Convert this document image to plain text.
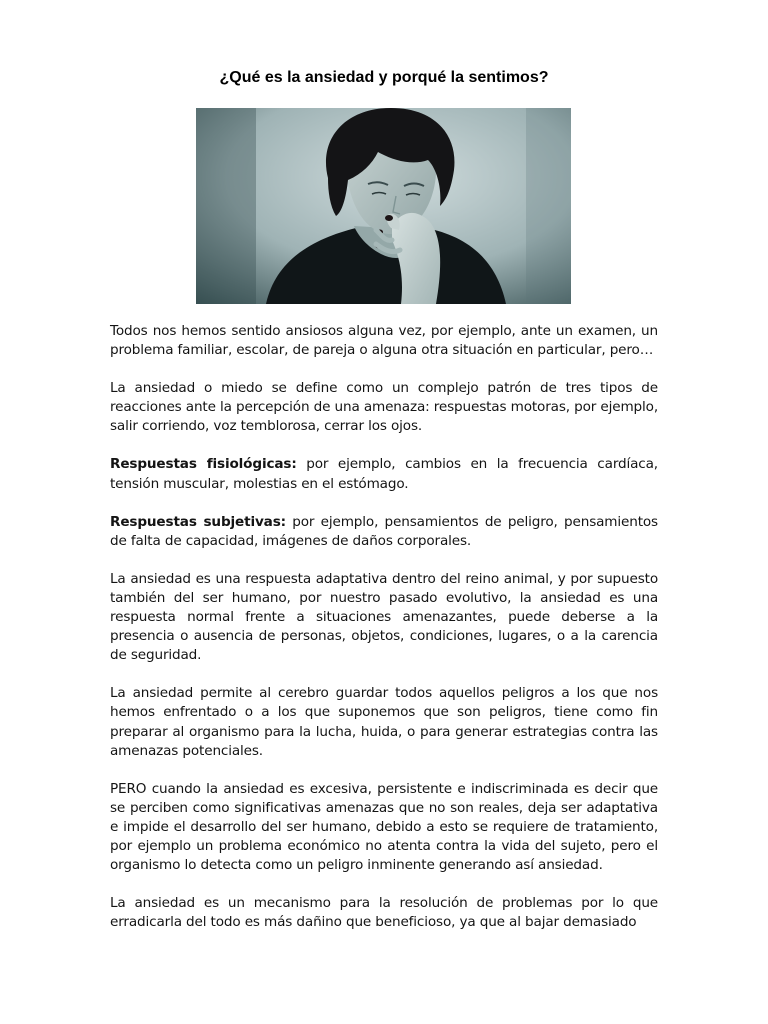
¿Qué es la ansiedad y porqué la sentimos?

Todos nos hemos sentido ansiosos alguna vez, por ejemplo, ante un examen, un problema familiar, escolar, de pareja o alguna otra situación en particular, pero…

La ansiedad o miedo se define como un complejo patrón de tres tipos de reacciones ante la percepción de una amenaza: respuestas motoras, por ejemplo, salir corriendo, voz temblorosa, cerrar los ojos.

Respuestas fisiológicas: por ejemplo, cambios en la frecuencia cardíaca, tensión muscular, molestias en el estómago.

Respuestas subjetivas: por ejemplo, pensamientos de peligro, pensamientos de falta de capacidad, imágenes de daños corporales.

La ansiedad es una respuesta adaptativa dentro del reino animal, y por supuesto también del ser humano, por nuestro pasado evolutivo, la ansiedad es una respuesta normal frente a situaciones amenazantes, puede deberse a la presencia o ausencia de personas, objetos, condiciones, lugares, o a la carencia de seguridad.

La ansiedad permite al cerebro guardar todos aquellos peligros a los que nos hemos enfrentado o a los que suponemos que son peligros, tiene como fin preparar al organismo para la lucha, huida, o para generar estrategias contra las amenazas potenciales.

PERO cuando la ansiedad es excesiva, persistente e indiscriminada es decir que se perciben como significativas amenazas que no son reales, deja ser adaptativa e impide el desarrollo del ser humano, debido a esto se requiere de tratamiento, por ejemplo un problema económico no atenta contra la vida del sujeto, pero el organismo lo detecta como un peligro inminente generando así ansiedad.

La ansiedad es un mecanismo para la resolución de problemas por lo que erradicarla del todo es más dañino que beneficioso, ya que al bajar demasiado
